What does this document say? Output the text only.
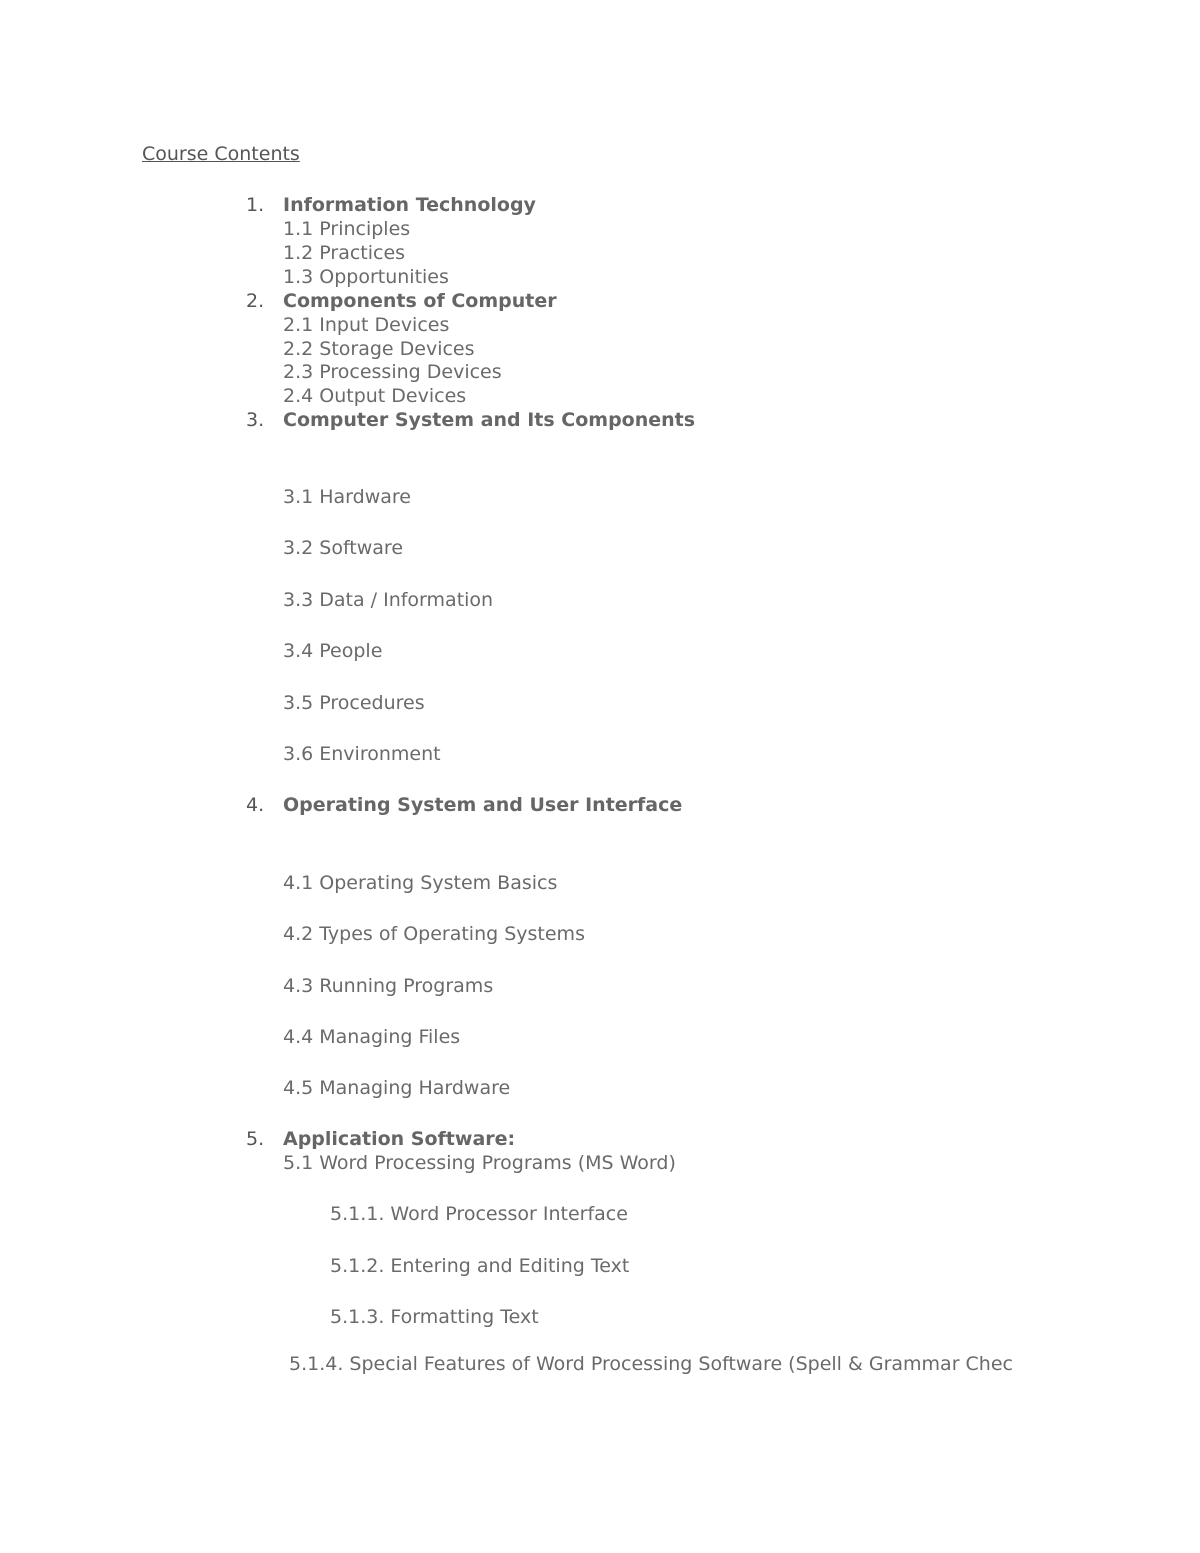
Course Contents
1. Information Technology
1.1 Principles
1.2 Practices
1.3 Opportunities
2. Components of Computer
2.1 Input Devices
2.2 Storage Devices
2.3 Processing Devices
2.4 Output Devices
3. Computer System and Its Components
3.1 Hardware
3.2 Software
3.3 Data / Information
3.4 People
3.5 Procedures
3.6 Environment
4. Operating System and User Interface
4.1 Operating System Basics
4.2 Types of Operating Systems
4.3 Running Programs
4.4 Managing Files
4.5 Managing Hardware
5. Application Software:
5.1 Word Processing Programs (MS Word)
5.1.1. Word Processor Interface
5.1.2. Entering and Editing Text
5.1.3. Formatting Text
5.1.4. Special Features of Word Processing Software (Spell & Grammar Chec
